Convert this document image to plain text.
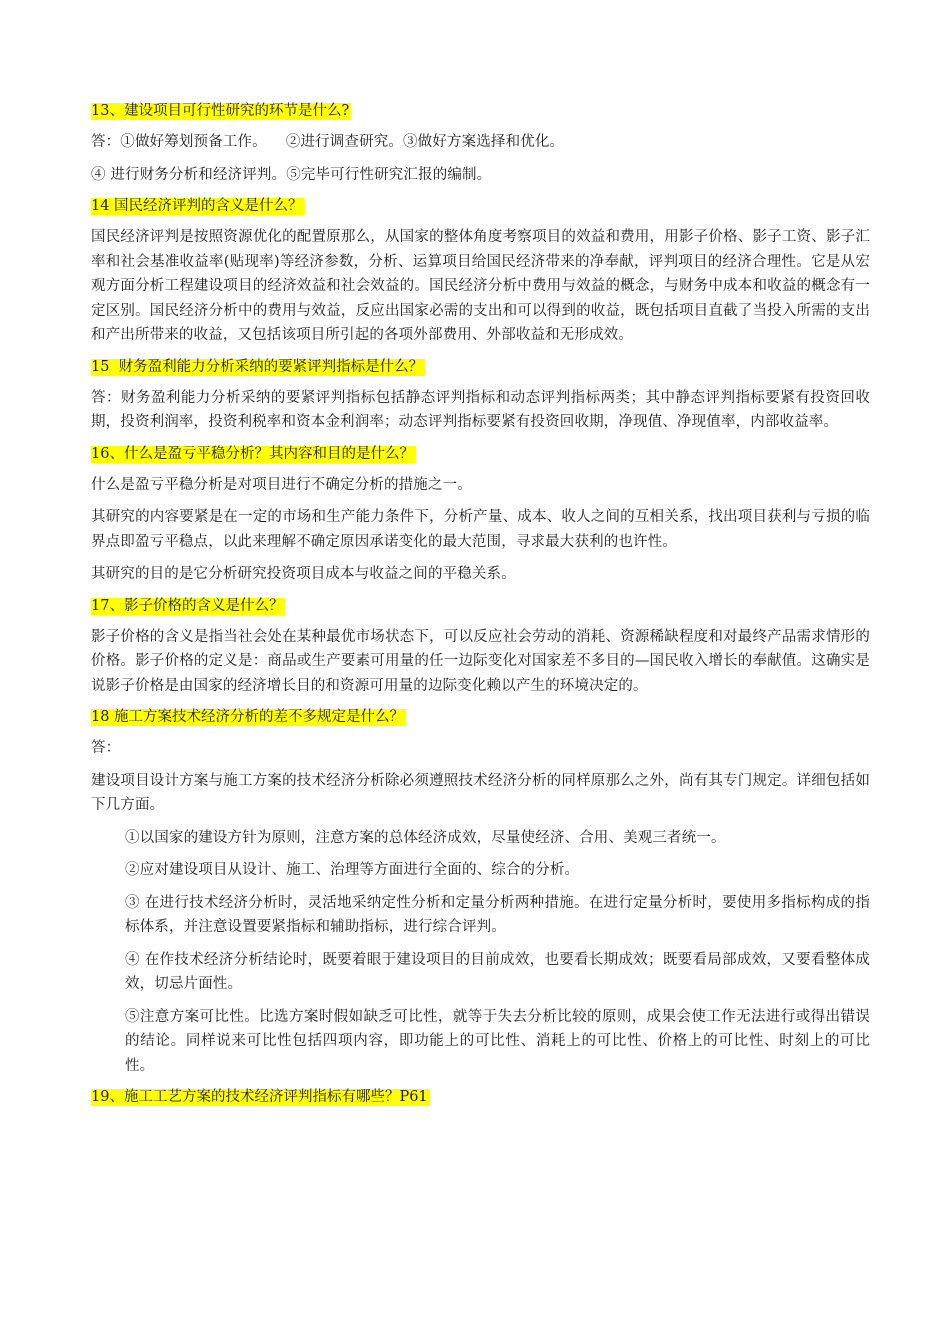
13、建设项目可行性研究的环节是什么?
答：①做好筹划预备工作。    ②进行调查研究。③做好方案选择和优化。
④ 进行财务分析和经济评判。⑤完毕可行性研究汇报的编制。
14 国民经济评判的含义是什么？
国民经济评判是按照资源优化的配置原那么，从国家的整体角度考察项目的效益和费用，用影子价格、影子工资、影子汇率和社会基准收益率(贴现率)等经济参数，分析、运算项目给国民经济带来的净奉献，评判项目的经济合理性。它是从宏观方面分析工程建设项目的经济效益和社会效益的。国民经济分析中费用与效益的概念，与财务中成本和收益的概念有一定区别。国民经济分析中的费用与效益，反应出国家必需的支出和可以得到的收益，既包括项目直截了当投入所需的支出和产出所带来的收益，又包括该项目所引起的各项外部费用、外部收益和无形成效。
15  财务盈利能力分析采纳的要紧评判指标是什么？
答：财务盈利能力分析采纳的要紧评判指标包括静态评判指标和动态评判指标两类；其中静态评判指标要紧有投资回收期，投资利润率，投资利税率和资本金利润率；动态评判指标要紧有投资回收期，净现值、净现值率，内部收益率。
16、什么是盈亏平稳分析？其内容和目的是什么？
什么是盈亏平稳分析是对项目进行不确定分析的措施之一。
其研究的内容要紧是在一定的市场和生产能力条件下，分析产量、成本、收人之间的互相关系，找出项目获利与亏损的临界点即盈亏平稳点，以此来理解不确定原因承诺变化的最大范围，寻求最大获利的也许性。
其研究的目的是它分析研究投资项目成本与收益之间的平稳关系。
17、影子价格的含义是什么？
影子价格的含义是指当社会处在某种最优市场状态下，可以反应社会劳动的消耗、资源稀缺程度和对最终产品需求情形的价格。影子价格的定义是：商品或生产要素可用量的任一边际变化对国家差不多目的—国民收入增长的奉献值。这确实是说影子价格是由国家的经济增长目的和资源可用量的边际变化赖以产生的环境决定的。
18 施工方案技术经济分析的差不多规定是什么？
答：
建设项目设计方案与施工方案的技术经济分析除必须遵照技术经济分析的同样原那么之外，尚有其专门规定。详细包括如下几方面。
①以国家的建设方针为原则，注意方案的总体经济成效，尽量使经济、合用、美观三者统一。
②应对建设项目从设计、施工、治理等方面进行全面的、综合的分析。
③ 在进行技术经济分析时，灵活地采纳定性分析和定量分析两种措施。在进行定量分析时，要使用多指标构成的指标体系，并注意设置要紧指标和辅助指标，进行综合评判。
④ 在作技术经济分析结论时，既要着眼于建设项目的目前成效，也要看长期成效；既要看局部成效，又要看整体成效，切忌片面性。
⑤注意方案可比性。比选方案时假如缺乏可比性，就等于失去分析比较的原则，成果会使工作无法进行或得出错误的结论。同样说来可比性包括四项内容，即功能上的可比性、消耗上的可比性、价格上的可比性、时刻上的可比性。
19、施工工艺方案的技术经济评判指标有哪些？P61
